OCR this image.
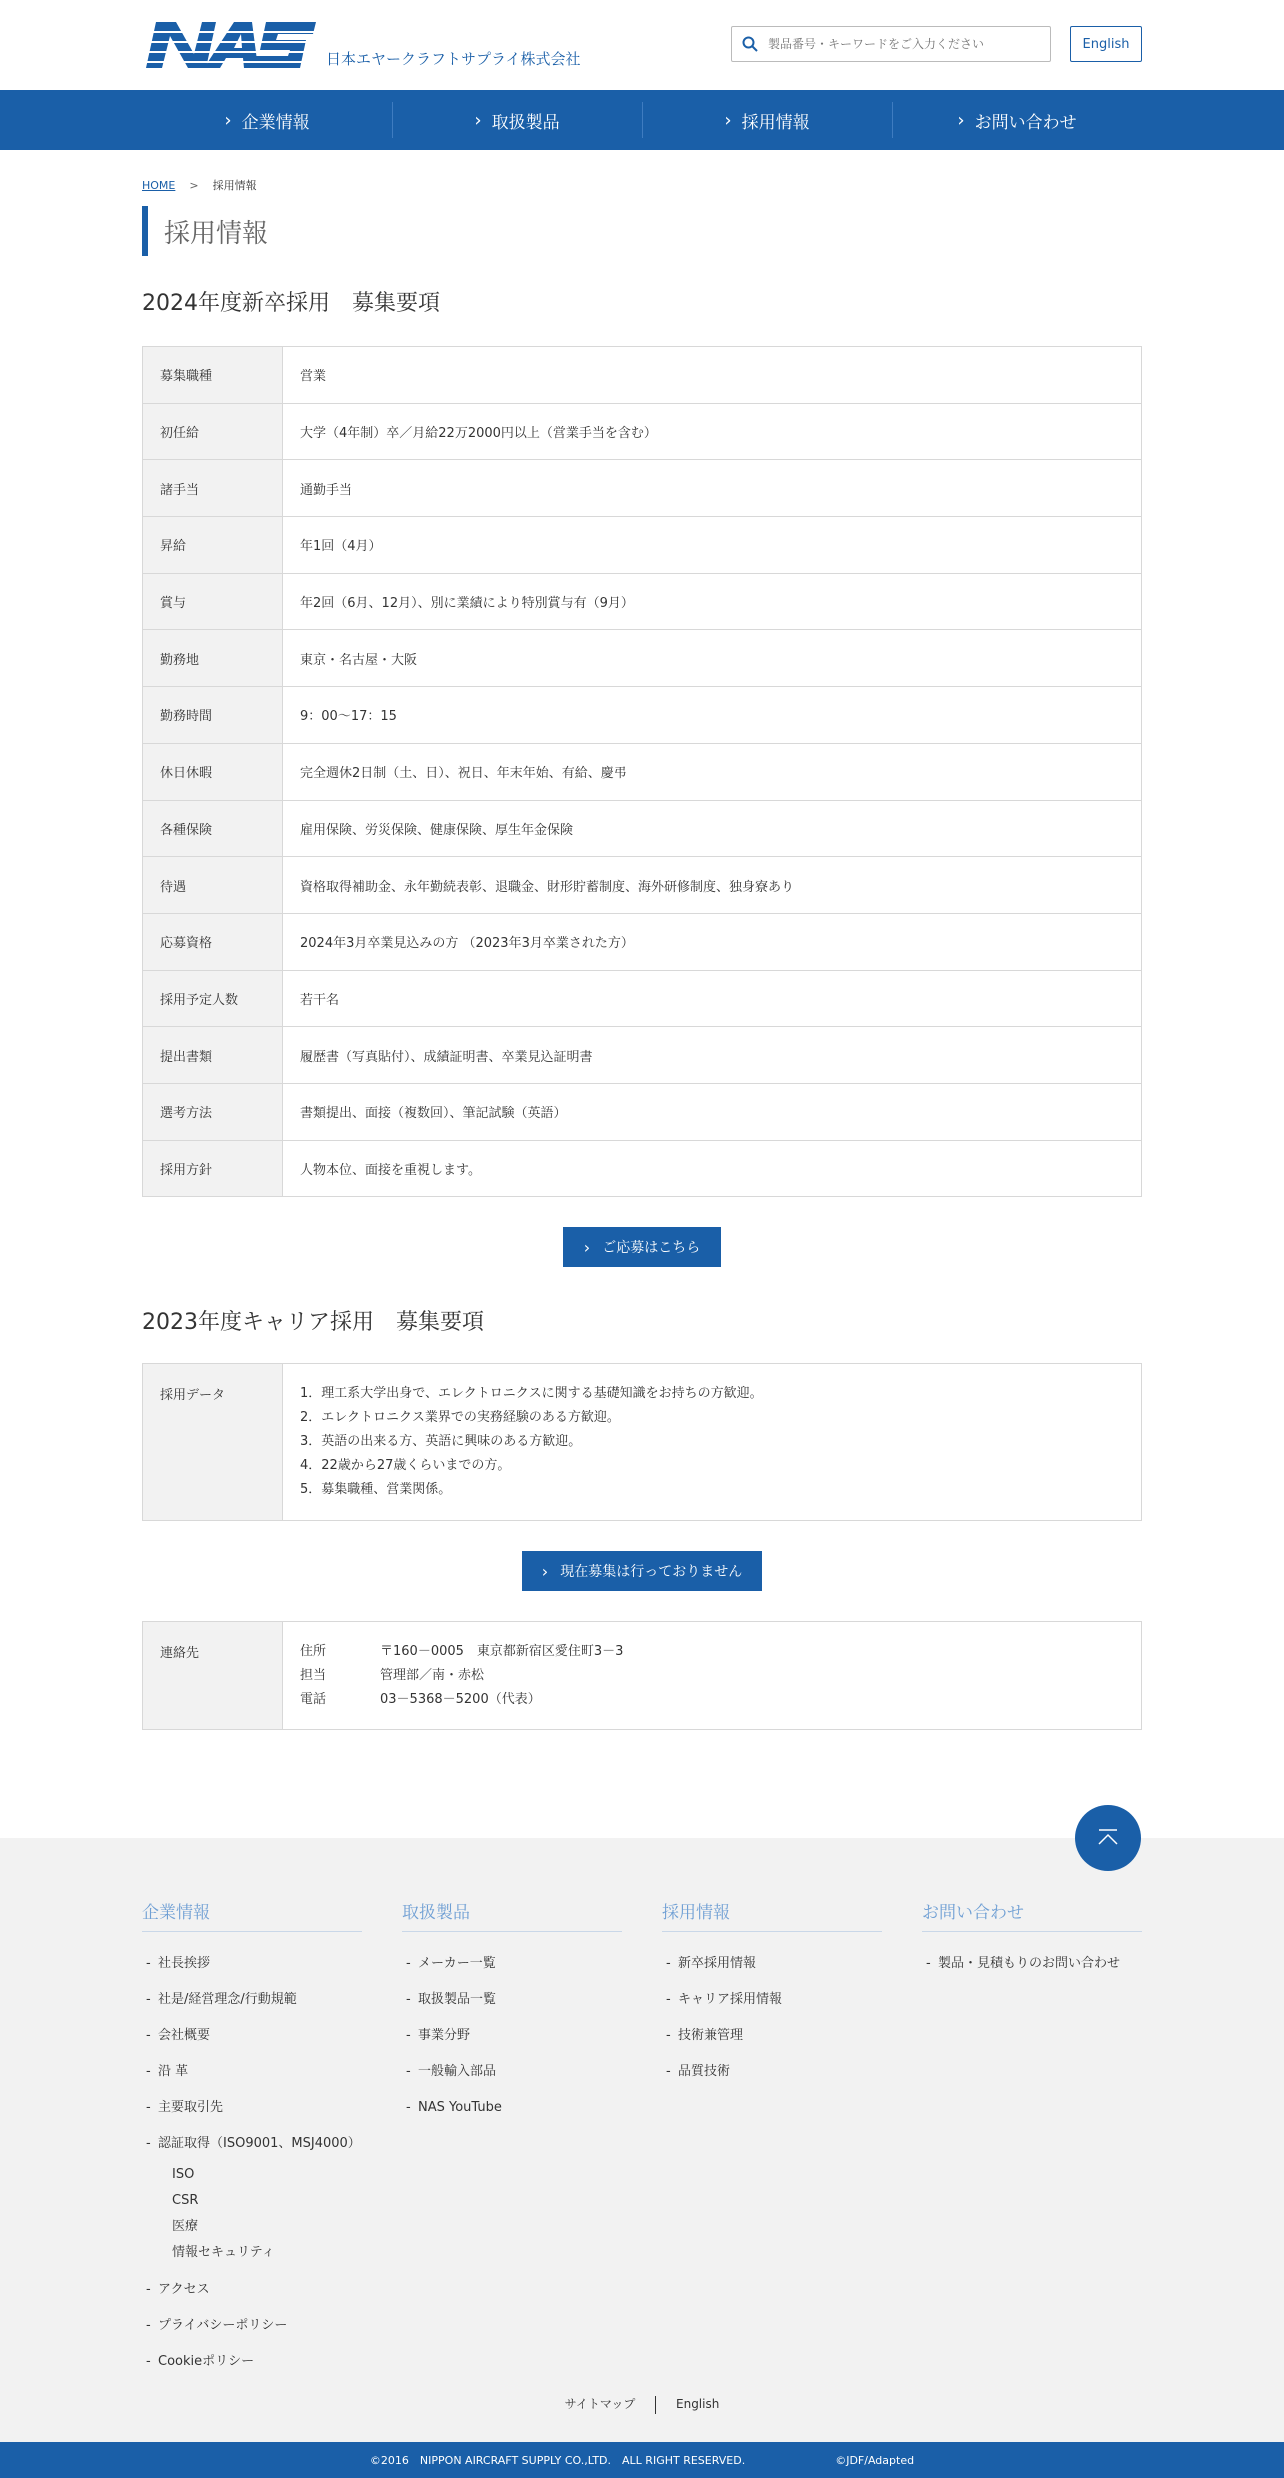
日本エヤークラフトサプライ株式会社
製品番号・キーワードをご入力ください
English
› 企業情報	› 取扱製品	› 採用情報	› お問い合わせ
HOME > 採用情報
採用情報
2024年度新卒採用　募集要項
募集職種	営業
初任給	大学（4年制）卒／月給22万2000円以上（営業手当を含む）
諸手当	通勤手当
昇給	年1回（4月）
賞与	年2回（6月、12月）、別に業績により特別賞与有（9月）
勤務地	東京・名古屋・大阪
勤務時間	9：00〜17：15
休日休暇	完全週休2日制（土、日）、祝日、年末年始、有給、慶弔
各種保険	雇用保険、労災保険、健康保険、厚生年金保険
待遇	資格取得補助金、永年勤続表彰、退職金、財形貯蓄制度、海外研修制度、独身寮あり
応募資格	2024年3月卒業見込みの方 （2023年3月卒業された方）
採用予定人数	若干名
提出書類	履歴書（写真貼付）、成績証明書、卒業見込証明書
選考方法	書類提出、面接（複数回）、筆記試験（英語）
採用方針	人物本位、面接を重視します。
› ご応募はこちら
2023年度キャリア採用　募集要項
採用データ	1．理工系大学出身で、エレクトロニクスに関する基礎知識をお持ちの方歓迎。
2．エレクトロニクス業界での実務経験のある方歓迎。
3．英語の出来る方、英語に興味のある方歓迎。
4．22歳から27歳くらいまでの方。
5．募集職種、営業関係。
› 現在募集は行っておりません
連絡先	住所	〒160－0005　東京都新宿区愛住町3－3
担当	管理部／南・赤松
電話	03－5368－5200（代表）
企業情報
- 社長挨拶
- 社是/経営理念/行動規範
- 会社概要
- 沿 革
- 主要取引先
- 認証取得（ISO9001、MSJ4000）
ISO
CSR
医療
情報セキュリティ
- アクセス
- プライバシーポリシー
- Cookieポリシー
取扱製品
- メーカー一覧
- 取扱製品一覧
- 事業分野
- 一般輸入部品
- NAS YouTube
採用情報
- 新卒採用情報
- キャリア採用情報
- 技術兼管理
- 品質技術
お問い合わせ
- 製品・見積もりのお問い合わせ
サイトマップ	English
©2016　NIPPON AIRCRAFT SUPPLY CO.,LTD.　ALL RIGHT RESERVED.	©JDF/Adapted
